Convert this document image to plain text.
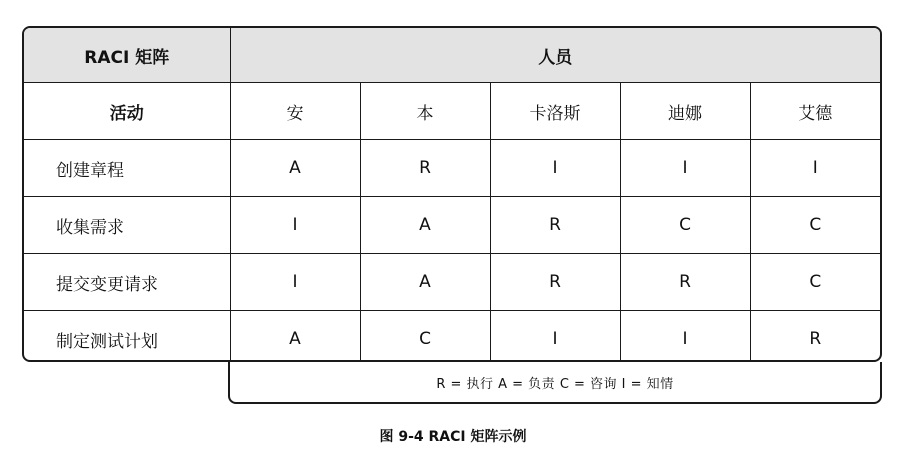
RACI 矩阵	人员				
活动	安	本	卡洛斯	迪娜	艾德
创建章程	A	R	I	I	I
收集需求	I	A	R	C	C
提交变更请求	I	A	R	R	C
制定测试计划	A	C	I	I	R
R = 执行 A = 负责 C = 咨询 I = 知情
图 9-4 RACI 矩阵示例
